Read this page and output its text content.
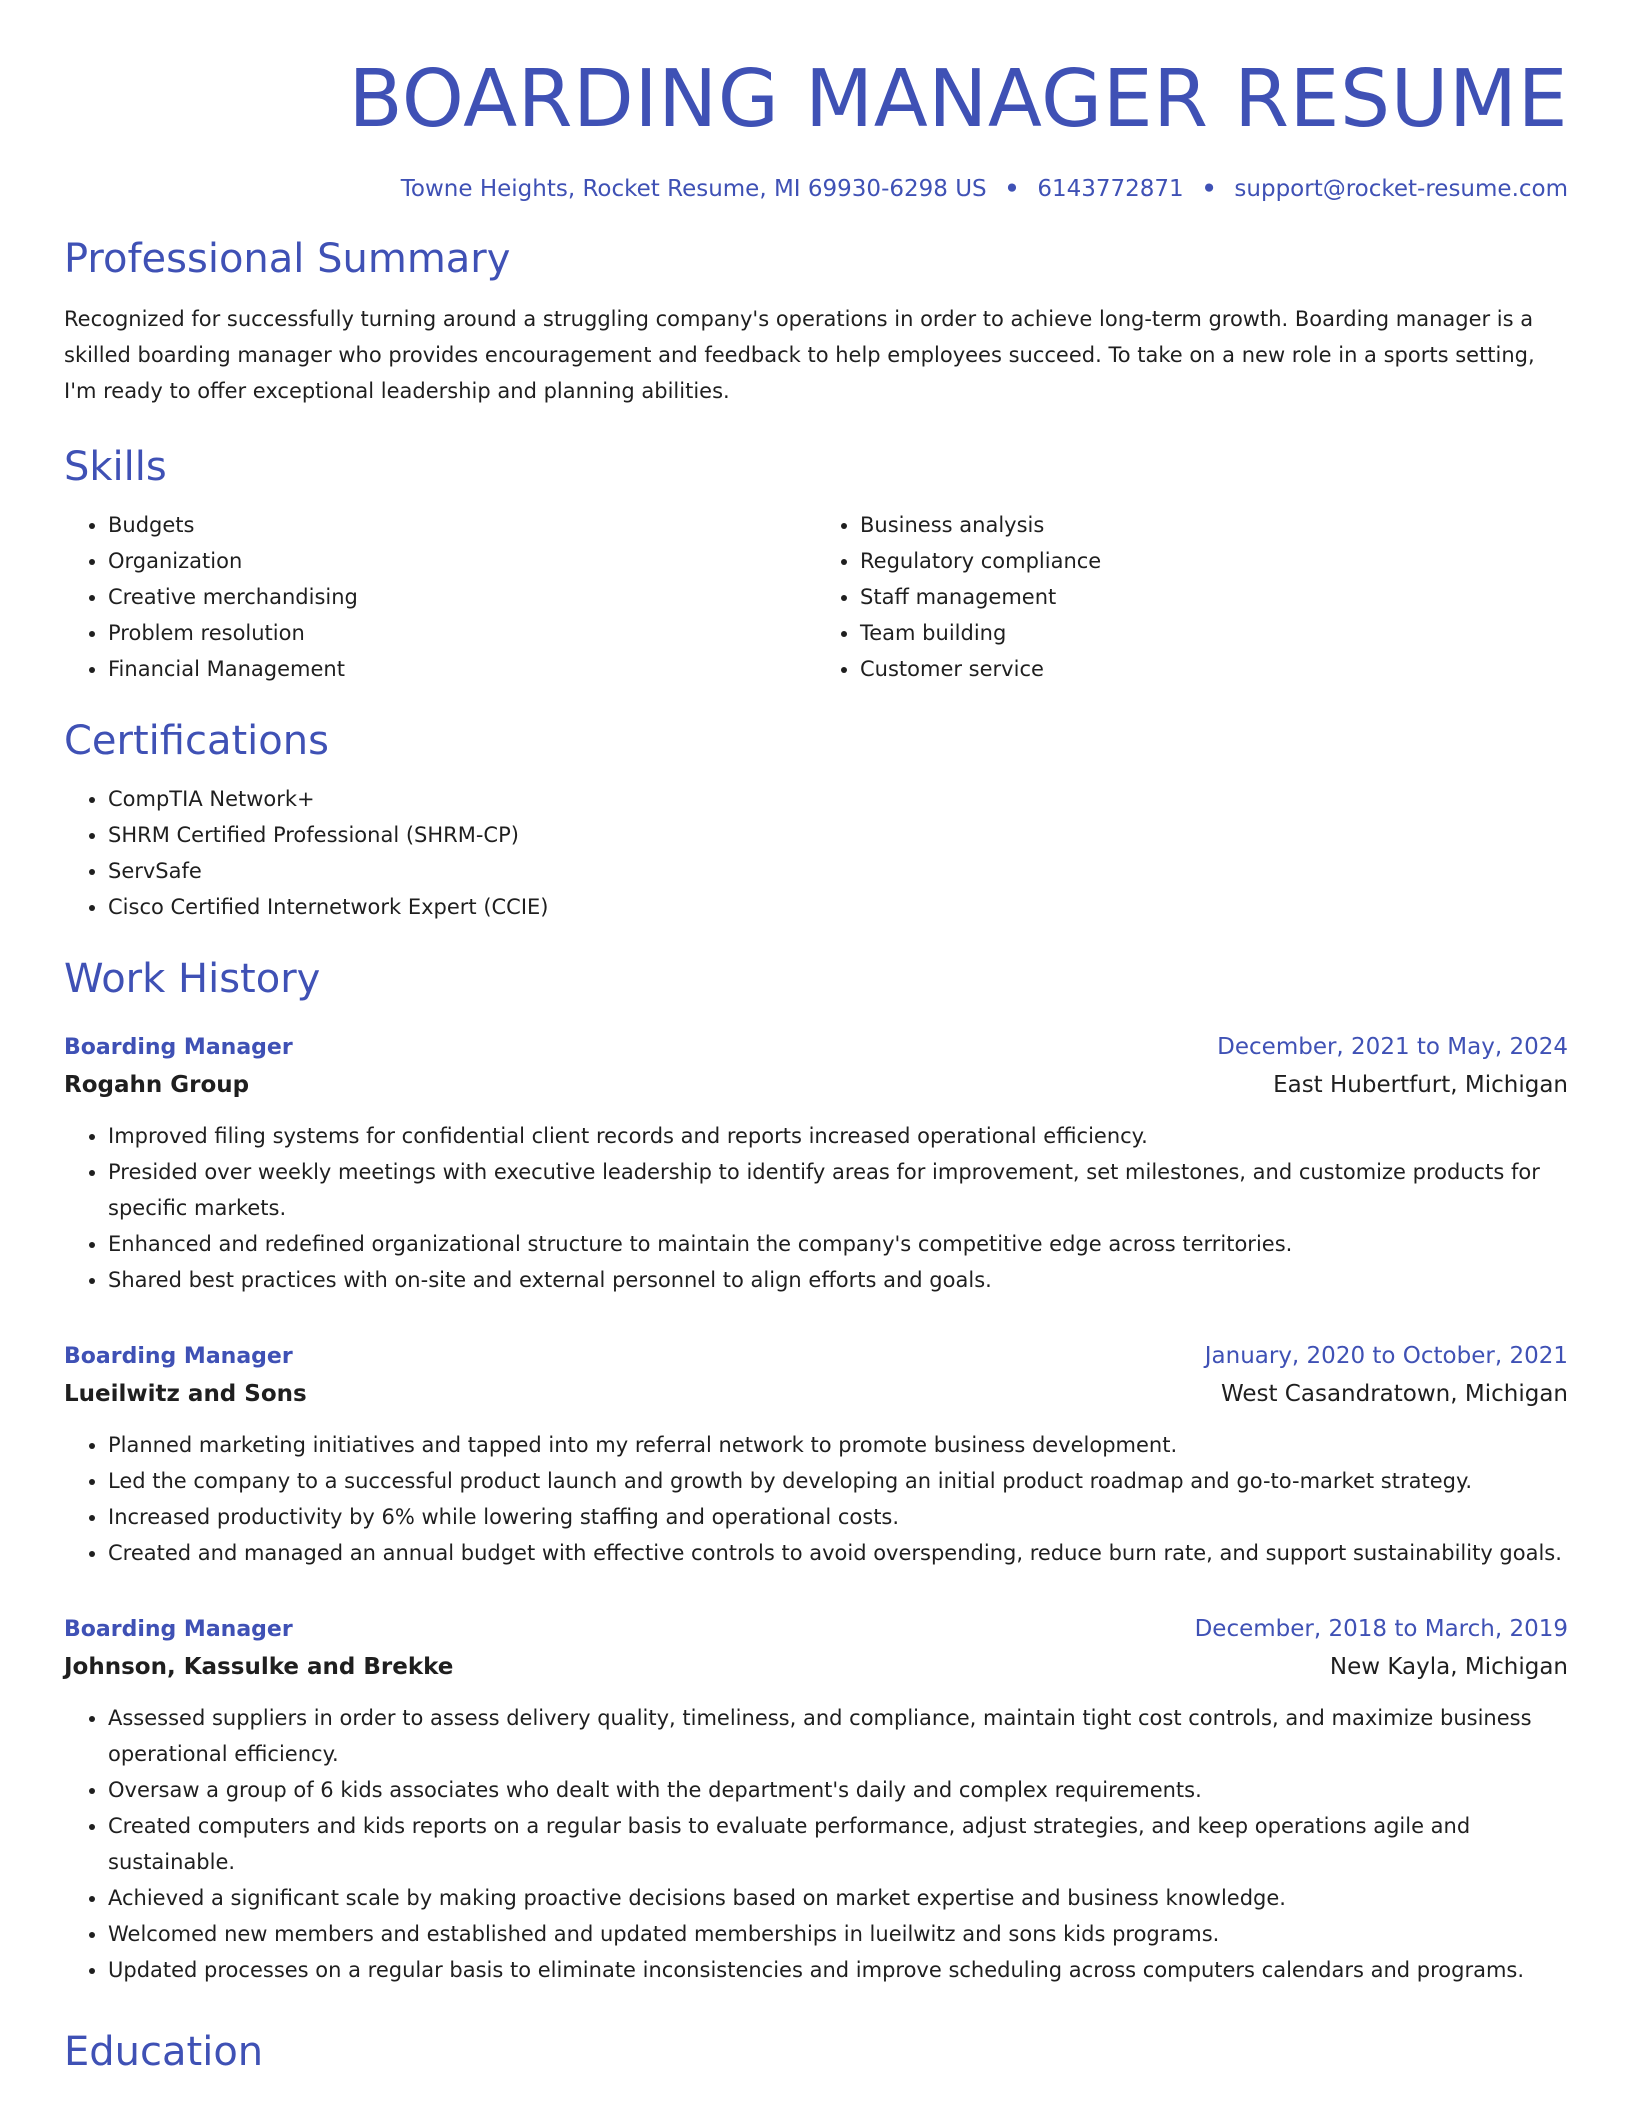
BOARDING MANAGER RESUME
Towne Heights, Rocket Resume, MI 69930-6298 US • 6143772871 • support@rocket-resume.com
Professional Summary

Recognized for successfully turning around a struggling company's operations in order to achieve long-term growth. Boarding manager is a skilled boarding manager who provides encouragement and feedback to help employees succeed. To take on a new role in a sports setting, I'm ready to offer exceptional leadership and planning abilities.

Skills
• Budgets
• Organization
• Creative merchandising
• Problem resolution
• Financial Management
• Business analysis
• Regulatory compliance
• Staff management
• Team building
• Customer service
Certifications
• CompTIA Network+
• SHRM Certified Professional (SHRM-CP)
• ServSafe
• Cisco Certified Internetwork Expert (CCIE)
Work History
Boarding Manager	December, 2021 to May, 2024
Rogahn Group	East Hubertfurt, Michigan
• Improved filing systems for confidential client records and reports increased operational efficiency.
• Presided over weekly meetings with executive leadership to identify areas for improvement, set milestones, and customize products for specific markets.
• Enhanced and redefined organizational structure to maintain the company's competitive edge across territories.
• Shared best practices with on-site and external personnel to align efforts and goals.
Boarding Manager	January, 2020 to October, 2021
Lueilwitz and Sons	West Casandratown, Michigan
• Planned marketing initiatives and tapped into my referral network to promote business development.
• Led the company to a successful product launch and growth by developing an initial product roadmap and go-to-market strategy.
• Increased productivity by 6% while lowering staffing and operational costs.
• Created and managed an annual budget with effective controls to avoid overspending, reduce burn rate, and support sustainability goals.
Boarding Manager	December, 2018 to March, 2019
Johnson, Kassulke and Brekke	New Kayla, Michigan
• Assessed suppliers in order to assess delivery quality, timeliness, and compliance, maintain tight cost controls, and maximize business operational efficiency.
• Oversaw a group of 6 kids associates who dealt with the department's daily and complex requirements.
• Created computers and kids reports on a regular basis to evaluate performance, adjust strategies, and keep operations agile and sustainable.
• Achieved a significant scale by making proactive decisions based on market expertise and business knowledge.
• Welcomed new members and established and updated memberships in lueilwitz and sons kids programs.
• Updated processes on a regular basis to eliminate inconsistencies and improve scheduling across computers calendars and programs.
Education
